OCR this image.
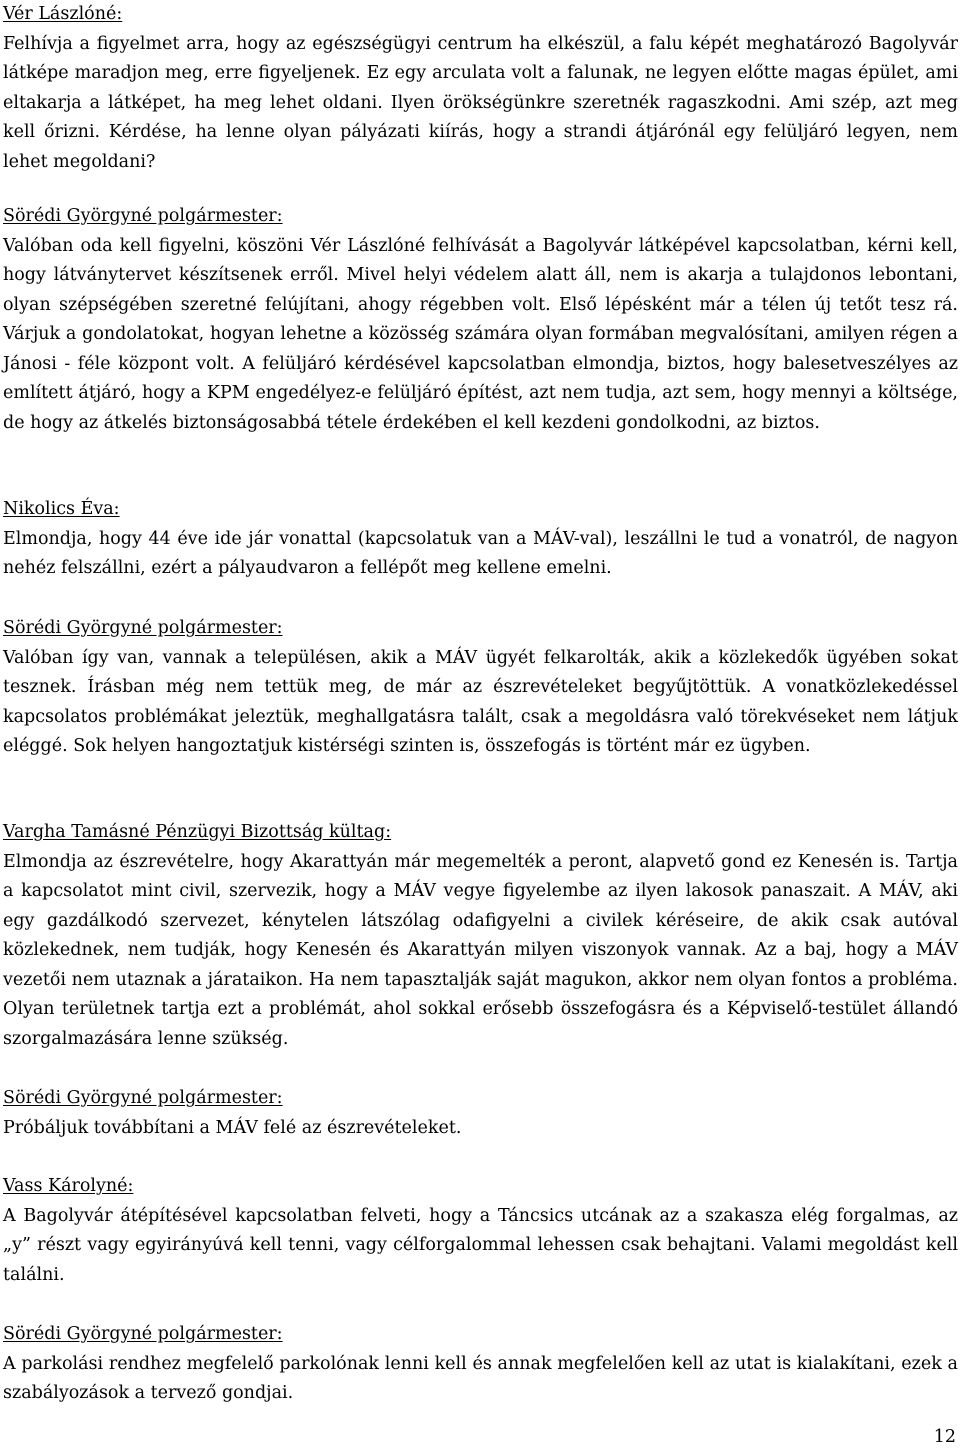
Vér Lászlóné:
Felhívja a figyelmet arra, hogy az egészségügyi centrum ha elkészül, a falu képét meghatározó Bagolyvár látképe maradjon meg, erre figyeljenek. Ez egy arculata volt a falunak, ne legyen előtte magas épület, ami eltakarja a látképet, ha meg lehet oldani. Ilyen örökségünkre szeretnék ragaszkodni. Ami szép, azt meg kell őrizni. Kérdése, ha lenne olyan pályázati kiírás, hogy a strandi átjárónál egy felüljáró legyen, nem lehet megoldani?
Sörédi Györgyné polgármester:
Valóban oda kell figyelni, köszöni Vér Lászlóné felhívását a Bagolyvár látképével kapcsolatban, kérni kell, hogy látványtervet készítsenek erről. Mivel helyi védelem alatt áll, nem is akarja a tulajdonos lebontani, olyan szépségében szeretné felújítani, ahogy régebben volt. Első lépésként már a télen új tetőt tesz rá. Várjuk a gondolatokat, hogyan lehetne a közösség számára olyan formában megvalósítani, amilyen régen a Jánosi - féle központ volt. A felüljáró kérdésével kapcsolatban elmondja, biztos, hogy balesetveszélyes az említett átjáró, hogy a KPM engedélyez-e felüljáró építést, azt nem tudja, azt sem, hogy mennyi a költsége, de hogy az átkelés biztonságosabbá tétele érdekében el kell kezdeni gondolkodni, az biztos.
Nikolics Éva:
Elmondja, hogy 44 éve ide jár vonattal (kapcsolatuk van a MÁV-val), leszállni le tud a vonatról, de nagyon nehéz felszállni, ezért a pályaudvaron a fellépőt meg kellene emelni.
Sörédi Györgyné polgármester:
Valóban így van, vannak a településen, akik a MÁV ügyét felkarolták, akik a közlekedők ügyében sokat tesznek. Írásban még nem tettük meg, de már az észrevételeket begyűjtöttük. A vonatközlekedéssel kapcsolatos problémákat jeleztük, meghallgatásra talált, csak a megoldásra való törekvéseket nem látjuk eléggé. Sok helyen hangoztatjuk kistérségi szinten is, összefogás is történt már ez ügyben.
Vargha Tamásné Pénzügyi Bizottság kültag:
Elmondja az észrevételre, hogy Akarattyán már megemelték a peront, alapvető gond ez Kenesén is. Tartja a kapcsolatot mint civil, szervezik, hogy a MÁV vegye figyelembe az ilyen lakosok panaszait. A MÁV, aki egy gazdálkodó szervezet, kénytelen látszólag odafigyelni a civilek kéréseire, de akik csak autóval közlekednek, nem tudják, hogy Kenesén és Akarattyán milyen viszonyok vannak. Az a baj, hogy a MÁV vezetői nem utaznak a járataikon. Ha nem tapasztalják saját magukon, akkor nem olyan fontos a probléma. Olyan területnek tartja ezt a problémát, ahol sokkal erősebb összefogásra és a Képviselő-testület állandó szorgalmazására lenne szükség.
Sörédi Györgyné polgármester:
Próbáljuk továbbítani a MÁV felé az észrevételeket.
Vass Károlyné:
A Bagolyvár átépítésével kapcsolatban felveti, hogy a Táncsics utcának az a szakasza elég forgalmas, az „y” részt vagy egyirányúvá kell tenni, vagy célforgalommal lehessen csak behajtani. Valami megoldást kell találni.
Sörédi Györgyné polgármester:
A parkolási rendhez megfelelő parkolónak lenni kell és annak megfelelően kell az utat is kialakítani, ezek a szabályozások a tervező gondjai.
12
